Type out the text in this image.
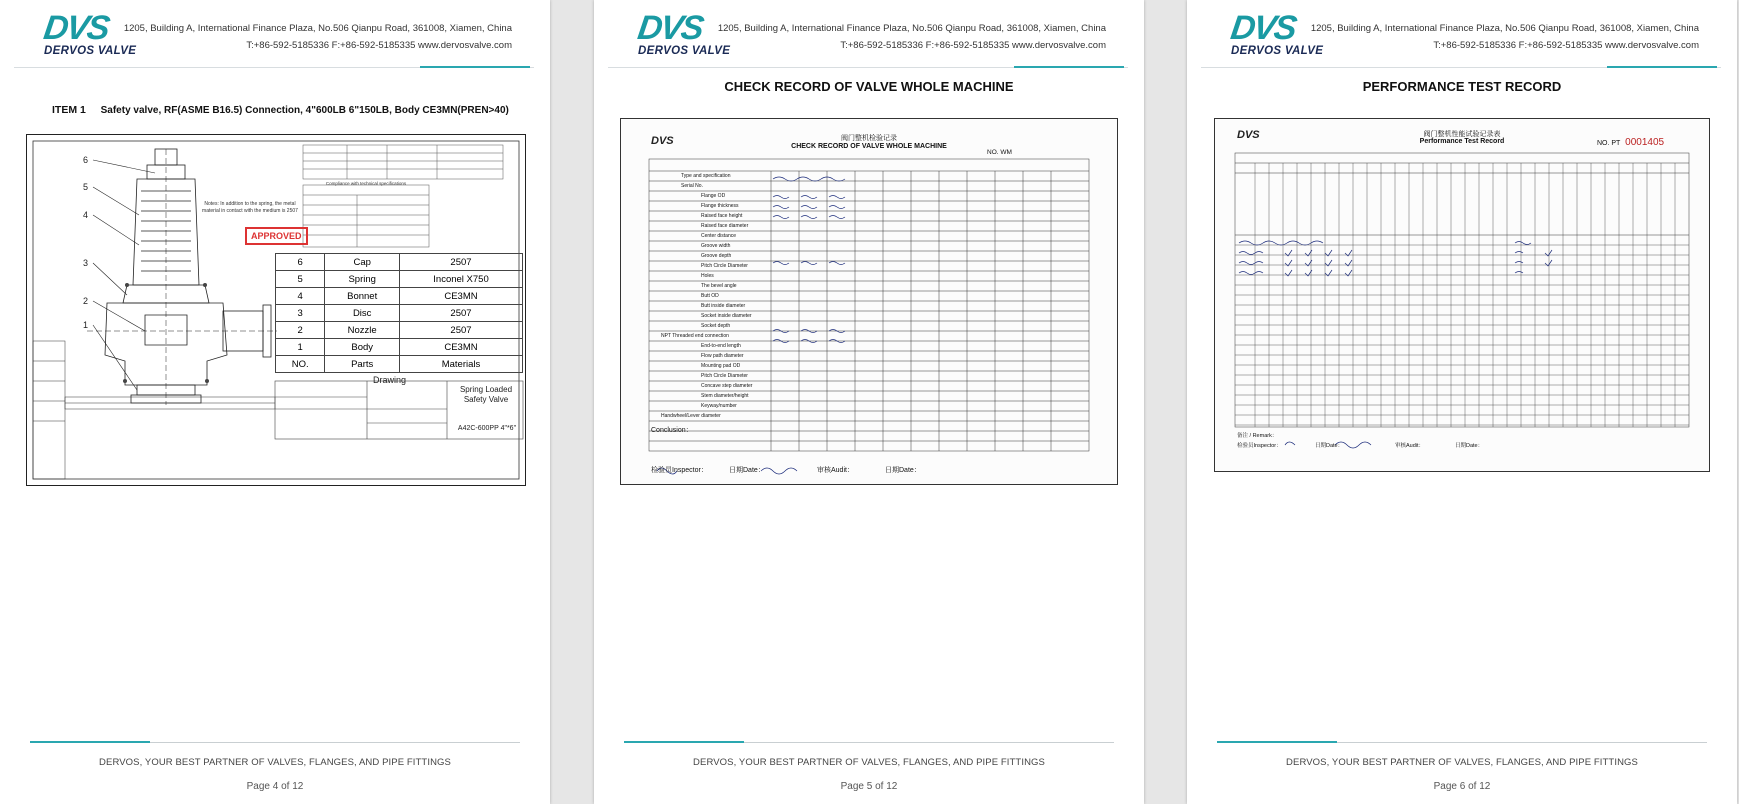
DVS
DERVOS VALVE
1205, Building A, International Finance Plaza, No.506 Qianpu Road, 361008, Xiamen, China
T:+86-592-5185336 F:+86-592-5185335 www.dervosvalve.com
ITEM 1 Safety valve, RF(ASME B16.5) Connection, 4"600LB 6"150LB, Body CE3MN(PREN>40)
6
5
4
3
2
1
Notes: In addition to the spring, the metal material in contact with the medium is 2507
APPROVED
Compliance with technical specifications
6	Cap	2507
5	Spring	Inconel X750
4	Bonnet	CE3MN
3	Disc	2507
2	Nozzle	2507
1	Body	CE3MN
NO.	Parts	Materials
Drawing
Spring Loaded Safety Valve
A42C-600PP 4"*6"
DERVOS, YOUR BEST PARTNER OF VALVES, FLANGES, AND PIPE FITTINGS
Page 4 of 12
DVS
DERVOS VALVE
1205, Building A, International Finance Plaza, No.506 Qianpu Road, 361008, Xiamen, China
T:+86-592-5185336 F:+86-592-5185335 www.dervosvalve.com
CHECK RECORD OF VALVE WHOLE MACHINE
DVS	阀门整机检验记录
CHECK RECORD OF VALVE WHOLE MACHINE
NO. WM
Type and specification
Serial No.
Flange OD
Flange thickness
Raised face height
Raised face diameter
Center distance
Groove width
Groove depth
Pitch Circle Diameter
Holes
The bevel angle
Butt OD
Butt inside diameter
Socket inside diameter
Socket depth
NPT Threaded end connection
End-to-end length
Flow path diameter
Mounting pad OD
Pitch Circle Diameter
Concave step diameter
Stem diameter/height
Keyway/number
Handwheel/Lever diameter
Conclusion：
检验员Inspector：	日期Date：	审核Audit：	日期Date：
DERVOS, YOUR BEST PARTNER OF VALVES, FLANGES, AND PIPE FITTINGS
Page 5 of 12
DVS
DERVOS VALVE
1205, Building A, International Finance Plaza, No.506 Qianpu Road, 361008, Xiamen, China
T:+86-592-5185336 F:+86-592-5185335 www.dervosvalve.com
PERFORMANCE TEST RECORD
DVS	阀门整机性能试验记录表
Performance Test Record	NO. PT 0001405
备注 / Remark：
检验员Inspector：	日期Date：	审核Audit：	日期Date：
DERVOS, YOUR BEST PARTNER OF VALVES, FLANGES, AND PIPE FITTINGS
Page 6 of 12
